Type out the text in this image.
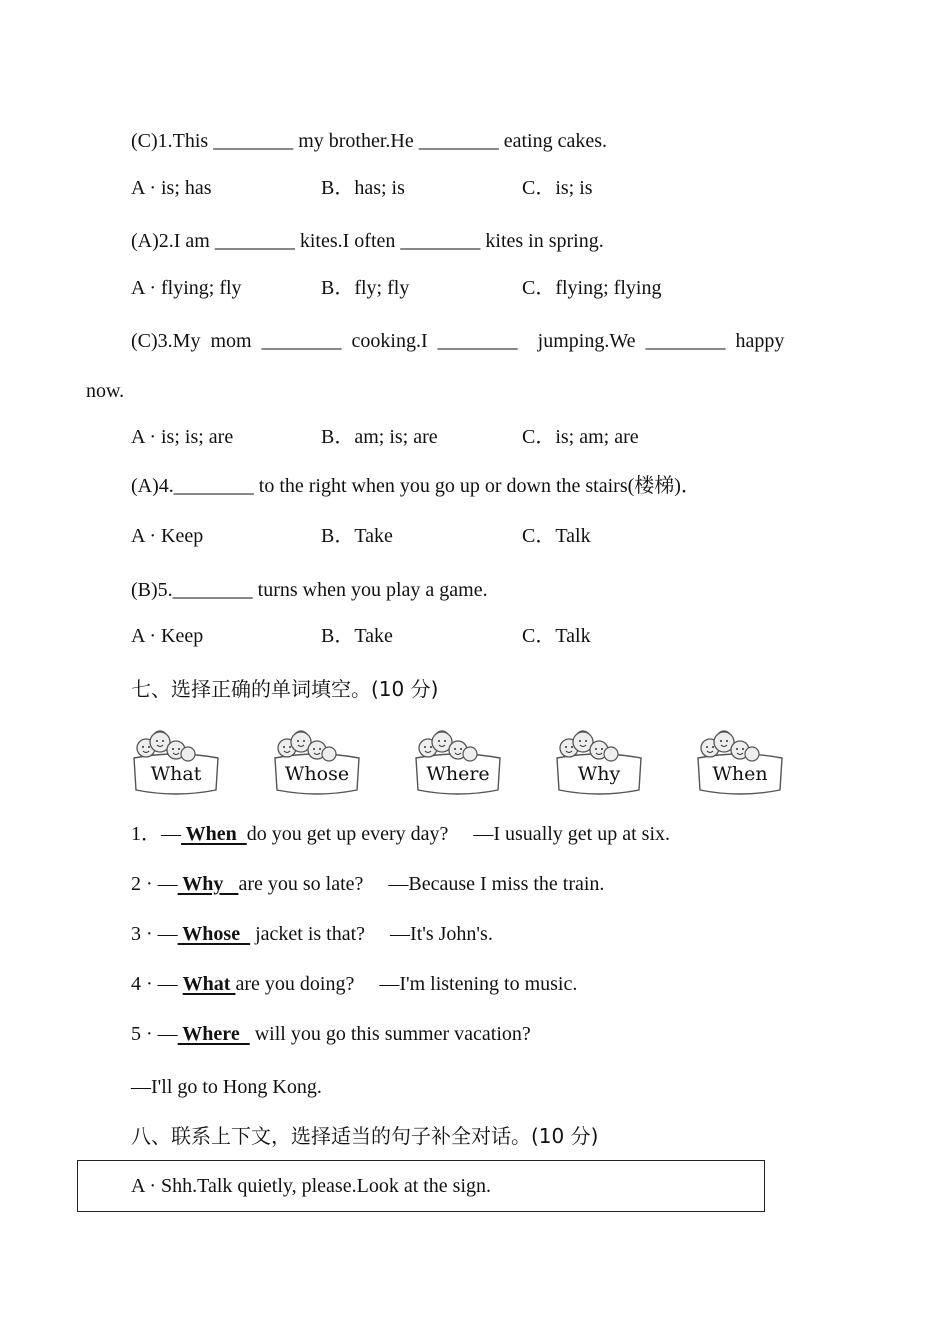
(C)1.This ________ my brother.He ________ eating cakes.
A · is; has	B．has; is	C．is; is
(A)2.I am ________ kites.I often ________ kites in spring.
A · flying; fly	B．fly; fly	C．flying; flying
(C)3.My  mom  ________  cooking.I  ________    jumping.We  ________  happy
now.
A · is; is; are	B．am; is; are	C．is; am; are
(A)4.________ to the right when you go up or down the stairs(楼梯)．
A · Keep	B．Take	C．Talk
(B)5.________ turns when you play a game.
A · Keep	B．Take	C．Talk
七、选择正确的单词填空。(10 分)
What	Whose	Where	Why	When
1．— When  do you get up every day?     —I usually get up at six.
2 · — Why   are you so late?     —Because I miss the train.
3 · — Whose   jacket is that?     —It's John's.
4 · — What are you doing?     —I'm listening to music.
5 · — Where   will you go this summer vacation?
—I'll go to Hong Kong.
八、联系上下文，选择适当的句子补全对话。(10 分)
A · Shh.Talk quietly, please.Look at the sign.
